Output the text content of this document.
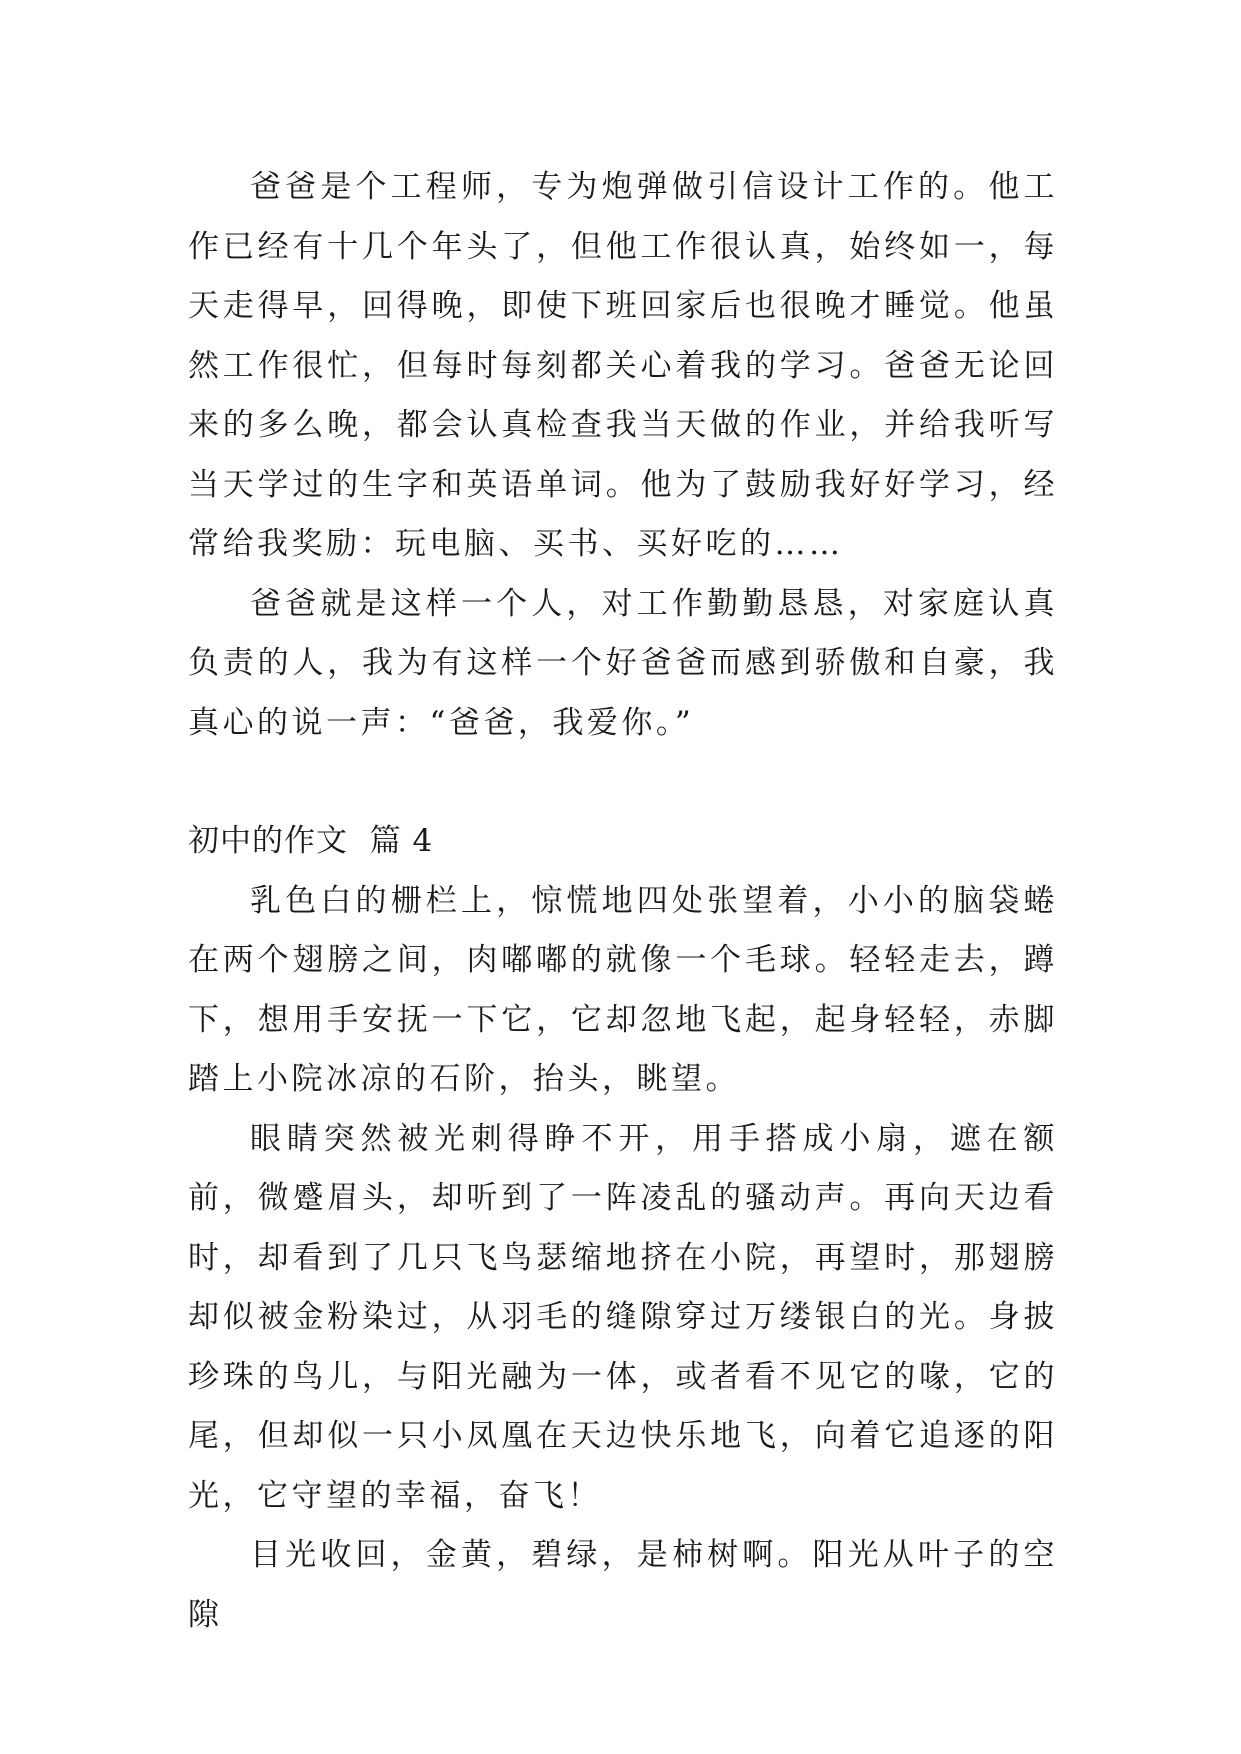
爸爸是个工程师，专为炮弹做引信设计工作的。他工作已经有十几个年头了，但他工作很认真，始终如一，每天走得早，回得晚，即使下班回家后也很晚才睡觉。他虽然工作很忙，但每时每刻都关心着我的学习。爸爸无论回来的多么晚，都会认真检查我当天做的作业，并给我听写当天学过的生字和英语单词。他为了鼓励我好好学习，经常给我奖励：玩电脑、买书、买好吃的……

爸爸就是这样一个人，对工作勤勤恳恳，对家庭认真负责的人，我为有这样一个好爸爸而感到骄傲和自豪，我真心的说一声：“爸爸，我爱你。”

初中的作文  篇 4

乳色白的栅栏上，惊慌地四处张望着，小小的脑袋蜷在两个翅膀之间，肉嘟嘟的就像一个毛球。轻轻走去，蹲下，想用手安抚一下它，它却忽地飞起，起身轻轻，赤脚踏上小院冰凉的石阶，抬头，眺望。

眼睛突然被光刺得睁不开，用手搭成小扇，遮在额前，微蹙眉头，却听到了一阵凌乱的骚动声。再向天边看时，却看到了几只飞鸟瑟缩地挤在小院，再望时，那翅膀却似被金粉染过，从羽毛的缝隙穿过万缕银白的光。身披珍珠的鸟儿，与阳光融为一体，或者看不见它的喙，它的尾，但却似一只小凤凰在天边快乐地飞，向着它追逐的阳光，它守望的幸福，奋飞！

目光收回，金黄，碧绿，是柿树啊。阳光从叶子的空隙
